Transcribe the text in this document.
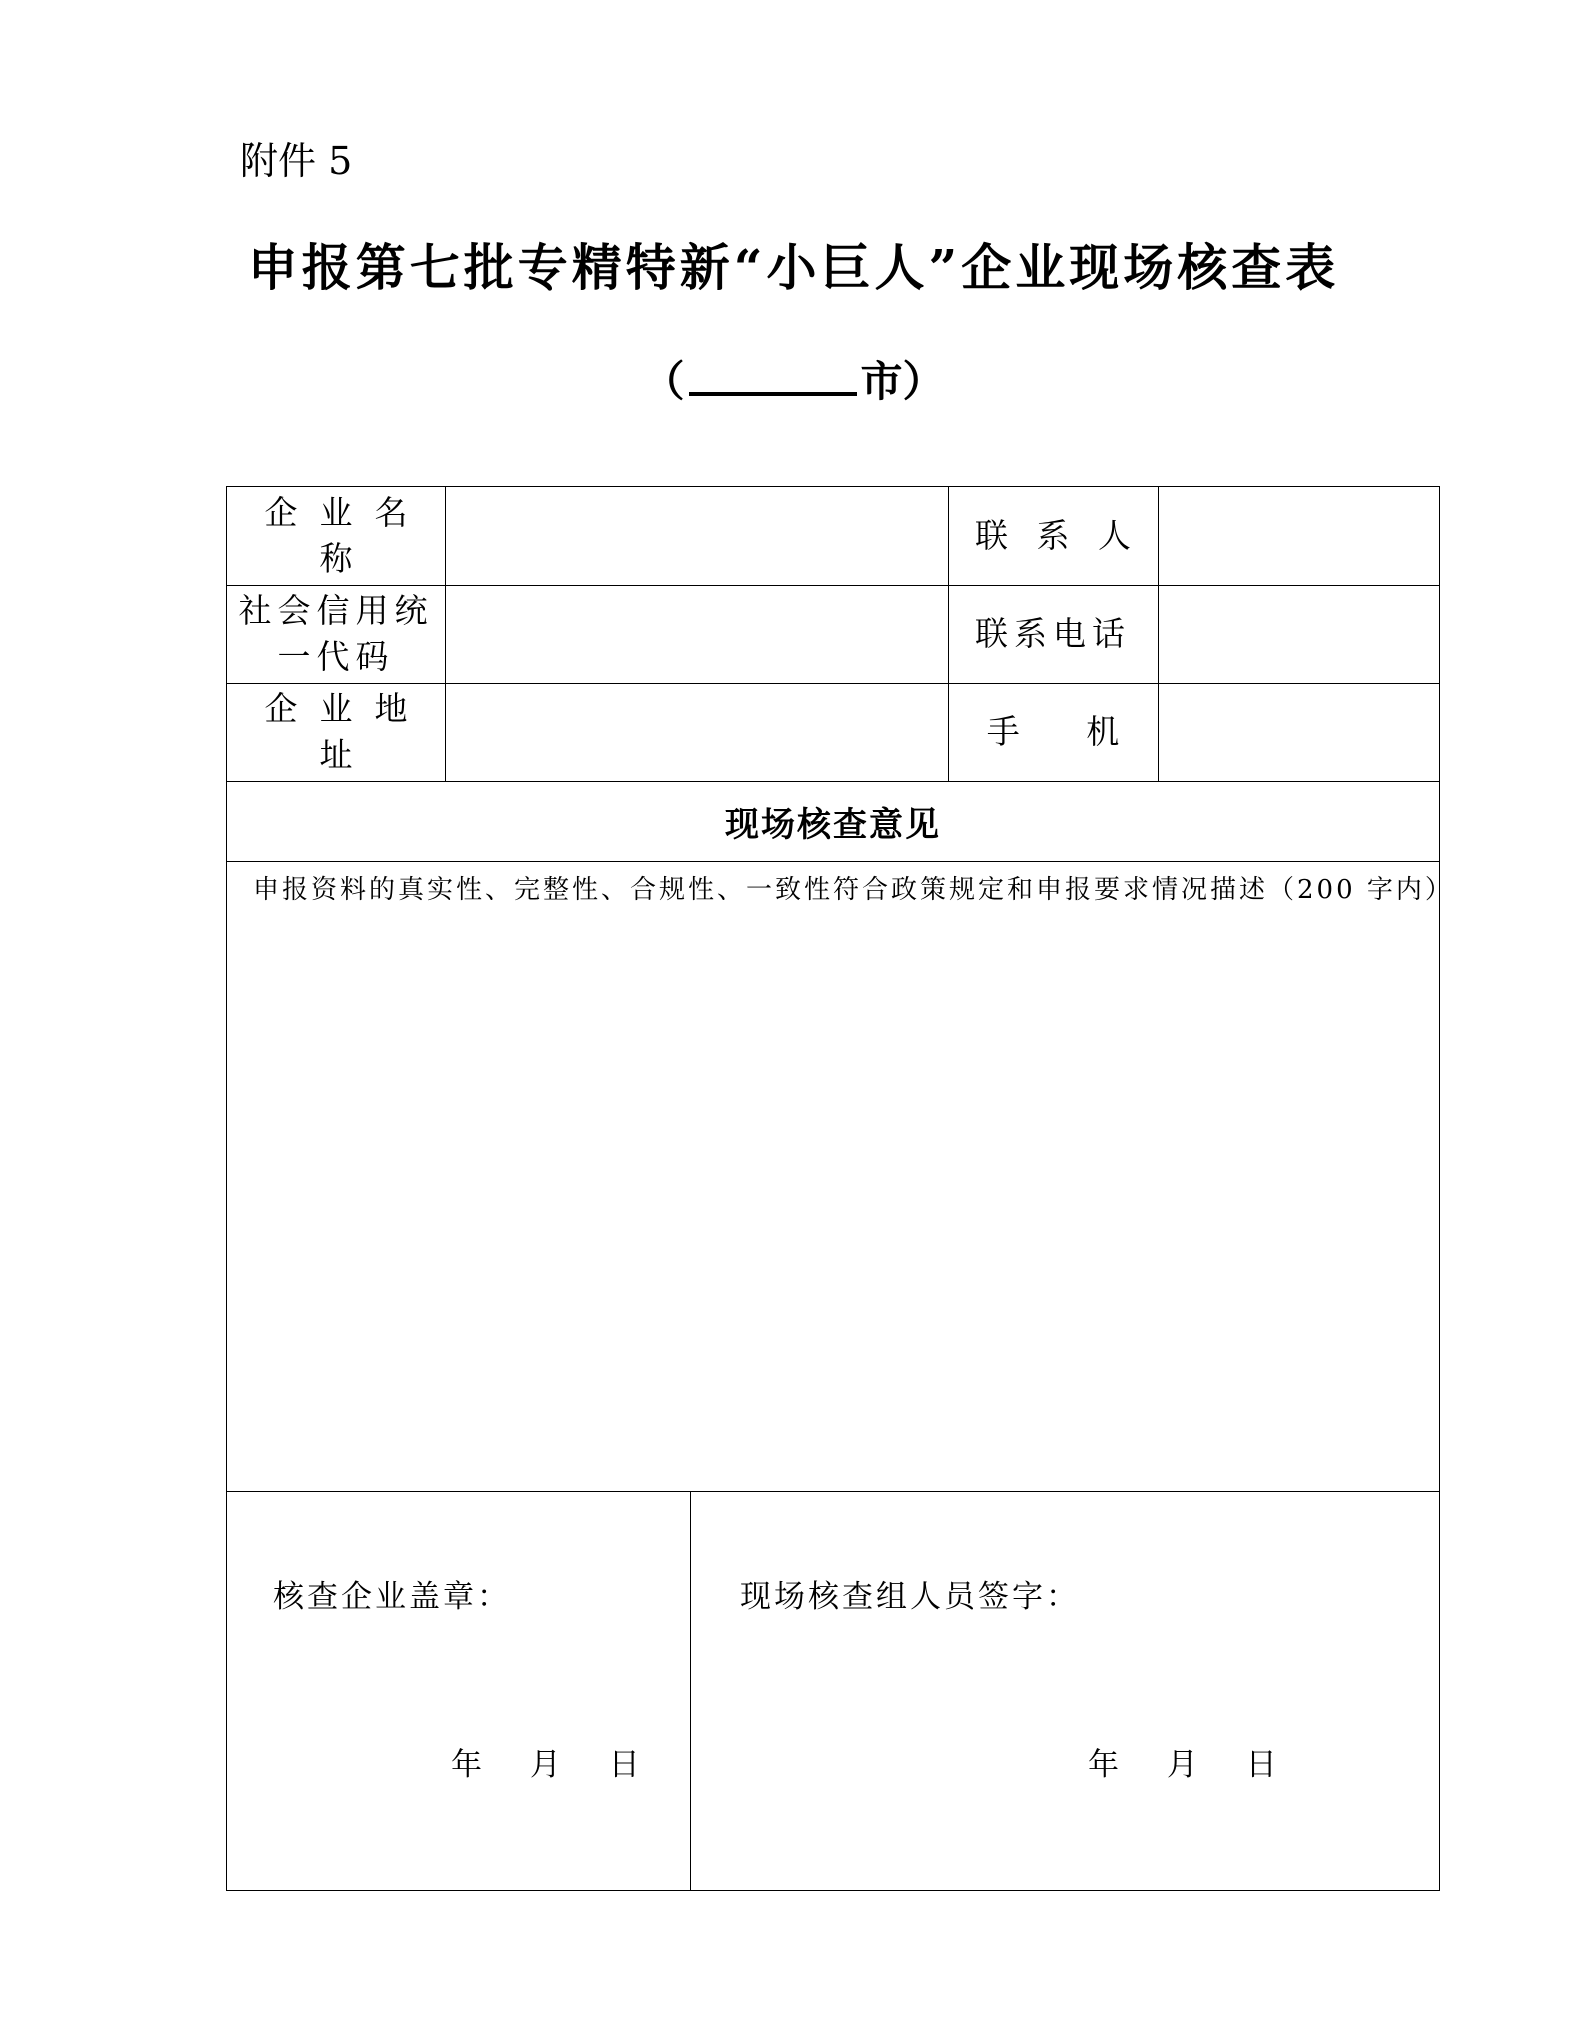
附件 5
申报第七批专精特新“小巨人”企业现场核查表
（	市）
企业名称
联 系 人
社会信用统一代码
联系电话
企业地址
手 机
现场核查意见
申报资料的真实性、完整性、合规性、一致性符合政策规定和申报要求情况描述（200 字内）
核查企业盖章：
年 月 日
现场核查组人员签字：
年 月 日
